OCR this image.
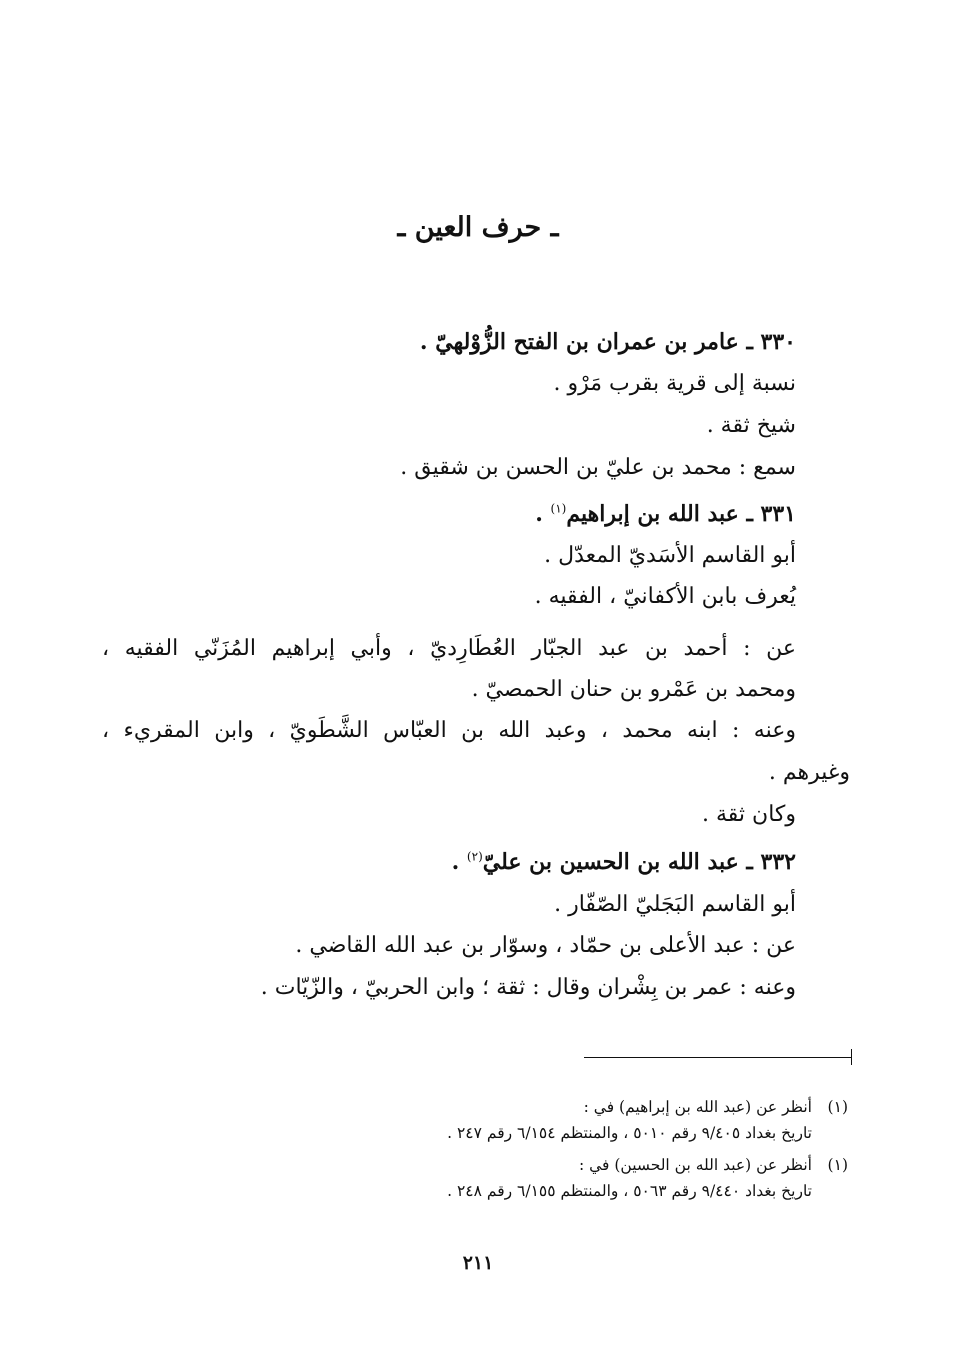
ـ حرف العين ـ
٣٣٠ ـ عامر بن عمران بن الفتح الزُّوْلهيّ .
نسبة إلى قرية بقرب مَرْو .
شيخ ثقة .
سمع : محمد بن عليّ بن الحسن بن شقيق .
٣٣١ ـ عبد الله بن إبراهيم$^{(١)}$ .
أبو القاسم الأسَديّ المعدّل .
يُعرف بابن الأكفانيّ ، الفقيه .
عن : أحمد بن عبد الجبّار العُطَارِديّ ، وأبي إبراهيم المُزَنّي الفقيه ،
ومحمد بن عَمْرو بن حنان الحمصيّ .
وعنه : ابنه محمد ، وعبد الله بن العبّاس الشَّطَويّ ، وابن المقريء ،
وغيرهم .
وكان ثقة .
٣٣٢ ـ عبد الله بن الحسين بن عليّ$^{(٢)}$ .
أبو القاسم البَجَليّ الصّفّار .
عن : عبد الأعلى بن حمّاد ، وسوّار بن عبد الله القاضي .
وعنه : عمر بن بِشْران وقال : ثقة ؛ وابن الحربيّ ، والزّيّات .
(١)
أنظر عن (عبد الله بن إبراهيم) في :
تاريخ بغداد ٩/٤٠٥ رقم ٥٠١٠ ، والمنتظم ٦/١٥٤ رقم ٢٤٧ .
(١)
أنظر عن (عبد الله بن الحسين) في :
تاريخ بغداد ٩/٤٤٠ رقم ٥٠٦٣ ، والمنتظم ٦/١٥٥ رقم ٢٤٨ .
٢١١
